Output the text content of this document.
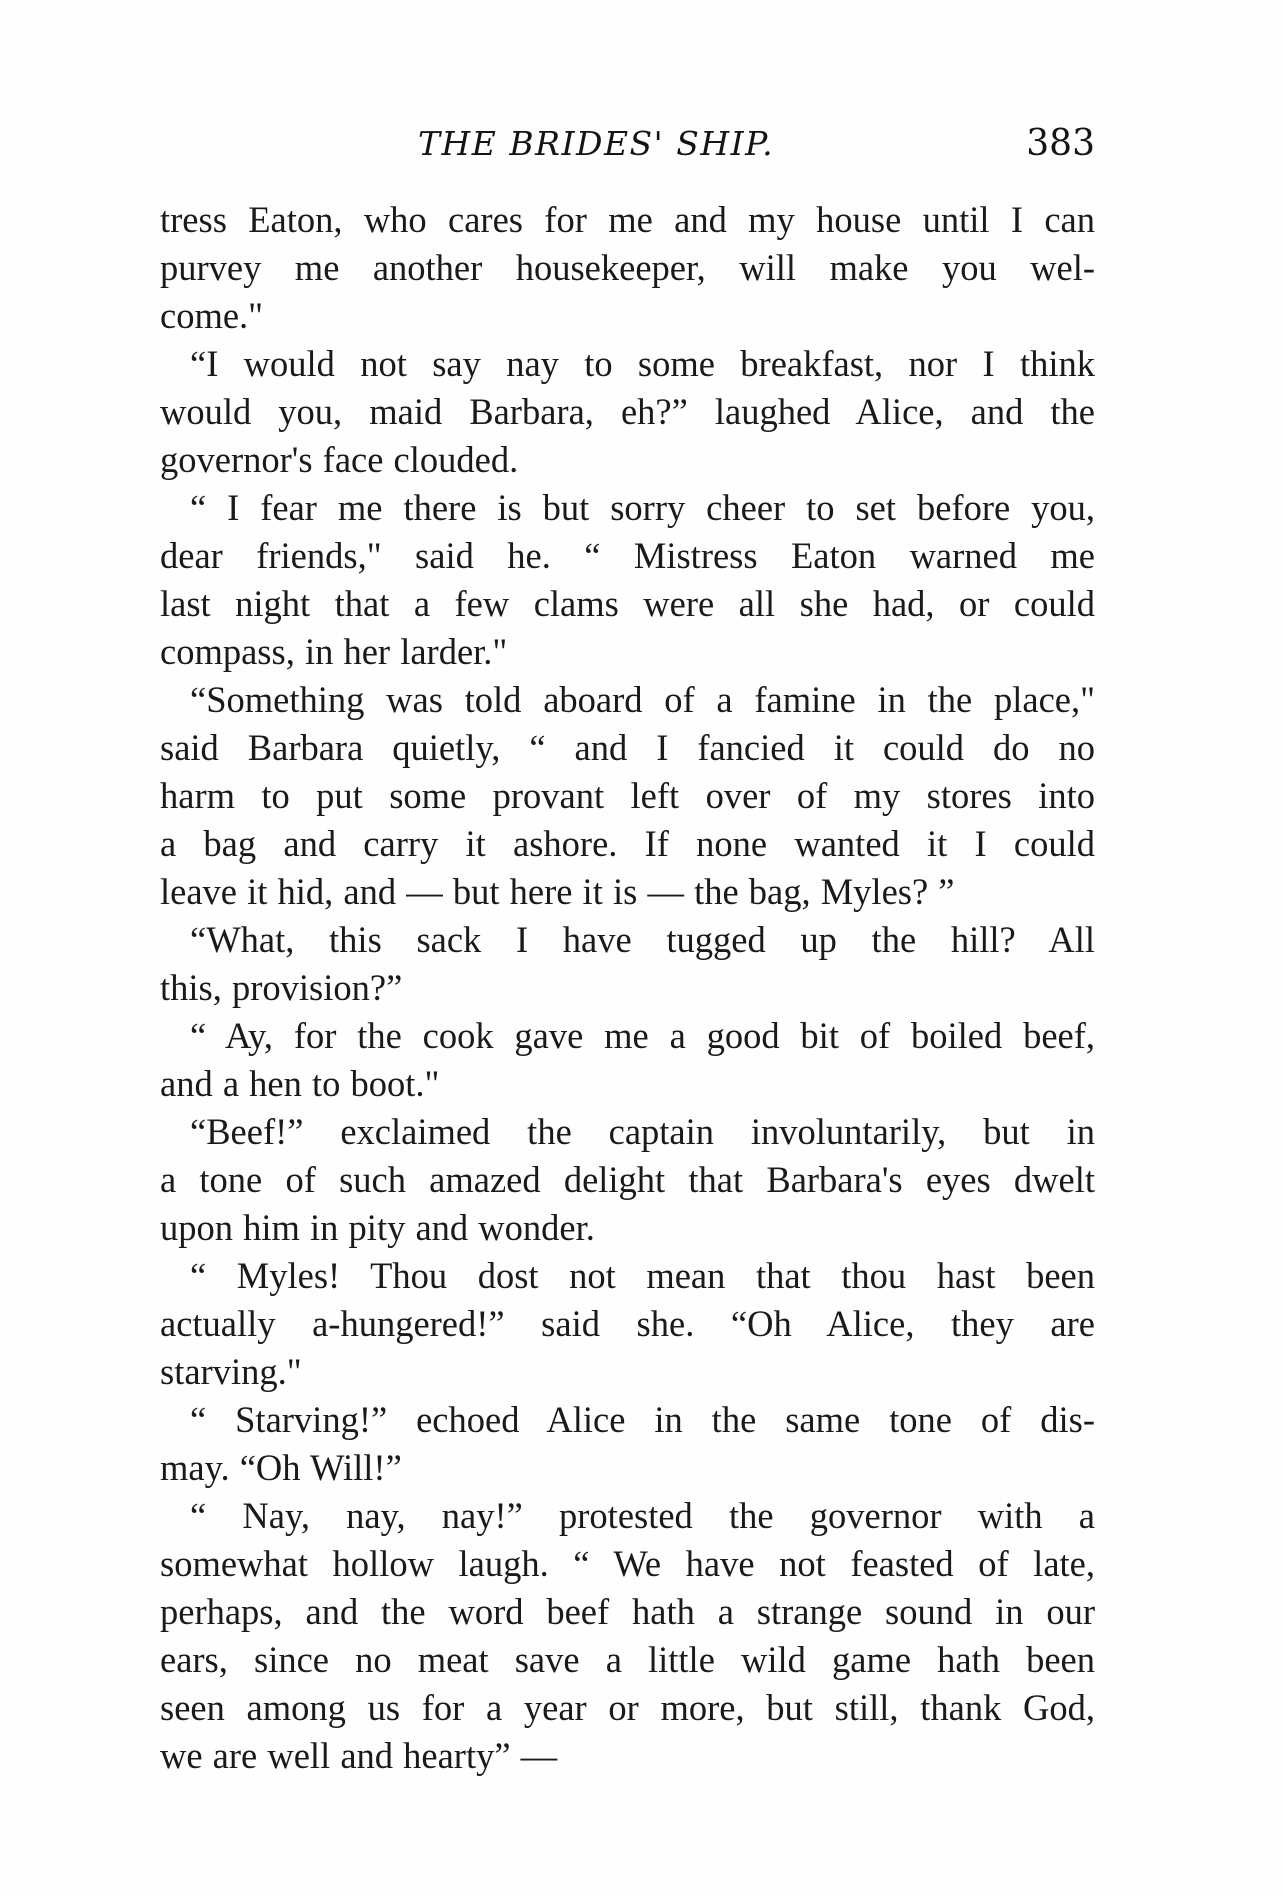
THE BRIDES' SHIP.	383
tress Eaton, who cares for me and my house until I can
purvey me another housekeeper, will make you wel-
come."
“I would not say nay to some breakfast, nor I think
would you, maid Barbara, eh?” laughed Alice, and the
governor's face clouded.
“ I fear me there is but sorry cheer to set before you,
dear friends," said he. “ Mistress Eaton warned me
last night that a few clams were all she had, or could
compass, in her larder."
“Something was told aboard of a famine in the place,"
said Barbara quietly, “ and I fancied it could do no
harm to put some provant left over of my stores into
a bag and carry it ashore. If none wanted it I could
leave it hid, and — but here it is — the bag, Myles? ”
“What, this sack I have tugged up the hill? All
this, provision?”
“ Ay, for the cook gave me a good bit of boiled beef,
and a hen to boot."
“Beef!” exclaimed the captain involuntarily, but in
a tone of such amazed delight that Barbara's eyes dwelt
upon him in pity and wonder.
“ Myles! Thou dost not mean that thou hast been
actually a-hungered!” said she. “Oh Alice, they are
starving."
“ Starving!” echoed Alice in the same tone of dis-
may. “Oh Will!”
“ Nay, nay, nay!” protested the governor with a
somewhat hollow laugh. “ We have not feasted of late,
perhaps, and the word beef hath a strange sound in our
ears, since no meat save a little wild game hath been
seen among us for a year or more, but still, thank God,
we are well and hearty” —
